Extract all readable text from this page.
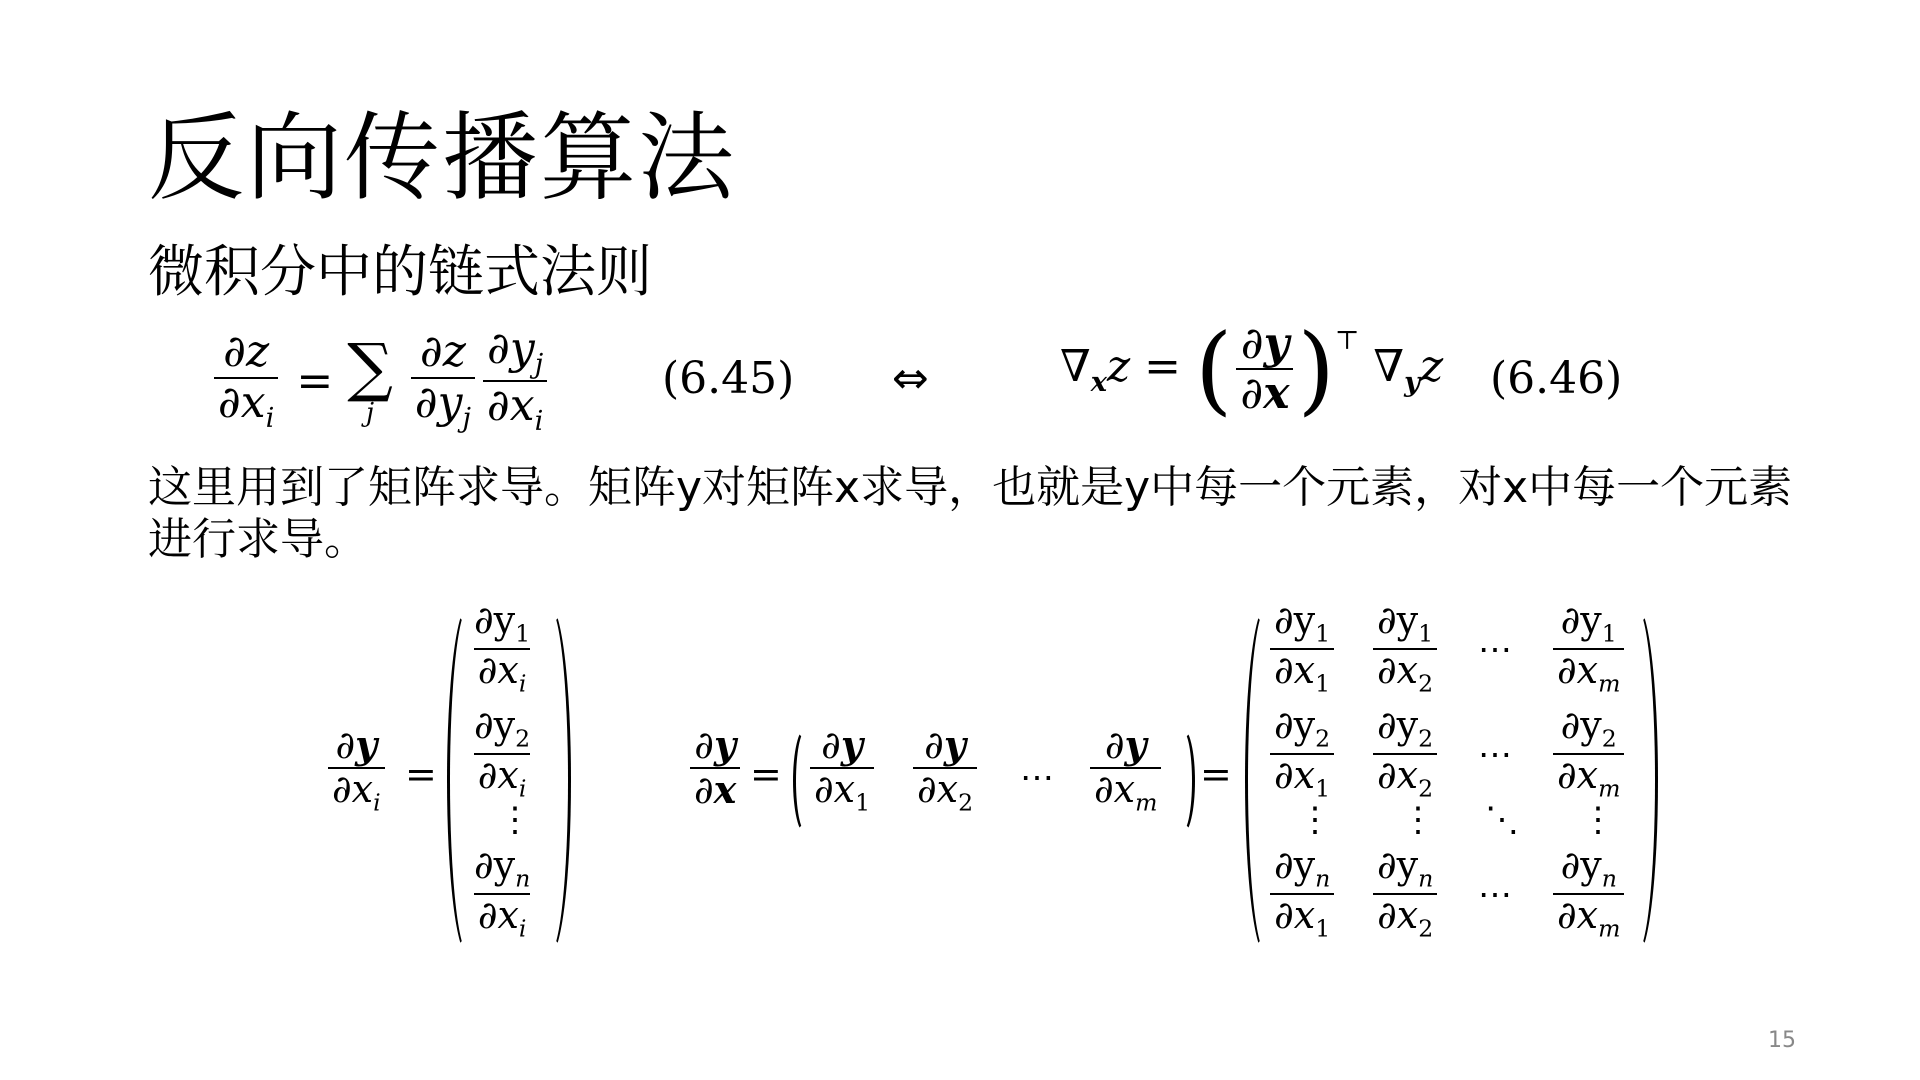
反向传播算法
微积分中的链式法则
$\frac{\partial z}{\partial x_i}$ = ∑
j
$\frac{\partial z}{\partial y_j} \frac{\partial y_j}{\partial x_i}$	(6.45) ⇔	$\nabla_xz$ = ( $\frac{\partial y}{\partial x} )^⊤$ $\nabla_yz$ (6.46)
这里用到了矩阵求导。矩阵y对矩阵x求导，也就是y中每一个元素，对x中每一个元素进行求导。
$\frac{\partial y}{\partial x_i}$ =
$\frac{\partial y_1}{\partial x_i}$
$\frac{\partial y_2}{\partial x_i}$
⋮
$\frac{\partial y_n}{\partial x_i}$
$\frac{\partial y}{\partial x} = \frac{\partial y}{\partial x_1} \frac{\partial y}{\partial x_2}$ ⋯ $\frac{\partial y}{\partial x_m}$ =
$\frac{\partial y_1}{\partial x_1} \frac{\partial y_1}{\partial x_2}$ ⋯ $\frac{\partial y_1}{\partial x_m}$
$\frac{\partial y_2}{\partial x_1} \frac{\partial y_2}{\partial x_2}$ ⋯ $\frac{\partial y_2}{\partial x_m}$
⋮ ⋮ ⋱ ⋮
$\frac{\partial y_n}{\partial x_1} \frac{\partial y_n}{\partial x_2}$ ⋯ $\frac{\partial y_n}{\partial x_m}$
15
